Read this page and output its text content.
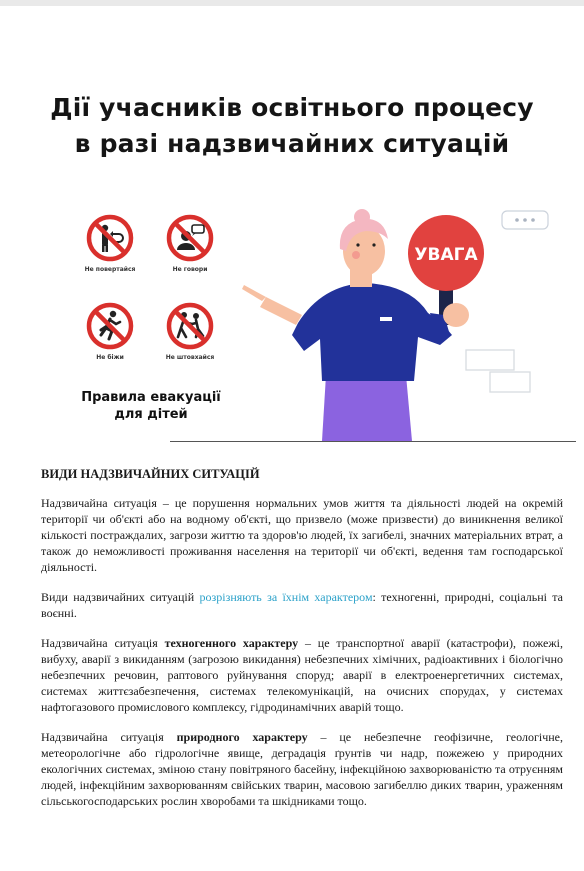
Дії учасників освітнього процесу
в разі надзвичайних ситуацій
Не повертайся	Не говори
Не біжи	Не штовхайся
Правила евакуації
для дітей
УВАГА
ВИДИ НАДЗВИЧАЙНИХ СИТУАЦІЙ
Надзвичайна ситуація – це порушення нормальних умов життя та діяльності людей на окремій території чи об'єкті або на водному об'єкті, що призвело (може призвести) до виникнення великої кількості постраждалих, загрози життю та здоров'ю людей, їх загибелі, значних матеріальних втрат, а також до неможливості проживання населення на території чи об'єкті, ведення там господарської діяльності.
Види надзвичайних ситуацій розрізняють за їхнім характером: техногенні, природні, соціальні та воєнні.
Надзвичайна ситуація техногенного характеру – це транспортної аварії (катастрофи), пожежі, вибуху, аварії з викиданням (загрозою викидання) небезпечних хімічних, радіоактивних і біологічно небезпечних речовин, раптового руйнування споруд; аварії в електроенергетичних системах, системах життєзабезпечення, системах телекомунікацій, на очисних спорудах, у системах нафтогазового промислового комплексу, гідродинамічних аварій тощо.
Надзвичайна ситуація природного характеру – це небезпечне геофізичне, геологічне, метеорологічне або гідрологічне явище, деградація ґрунтів чи надр, пожежею у природних екологічних системах, зміною стану повітряного басейну, інфекційною захворюваністю та отруєнням людей, інфекційним захворюванням свійських тварин, масовою загибеллю диких тварин, ураженням сільськогосподарських рослин хворобами та шкідниками тощо.
